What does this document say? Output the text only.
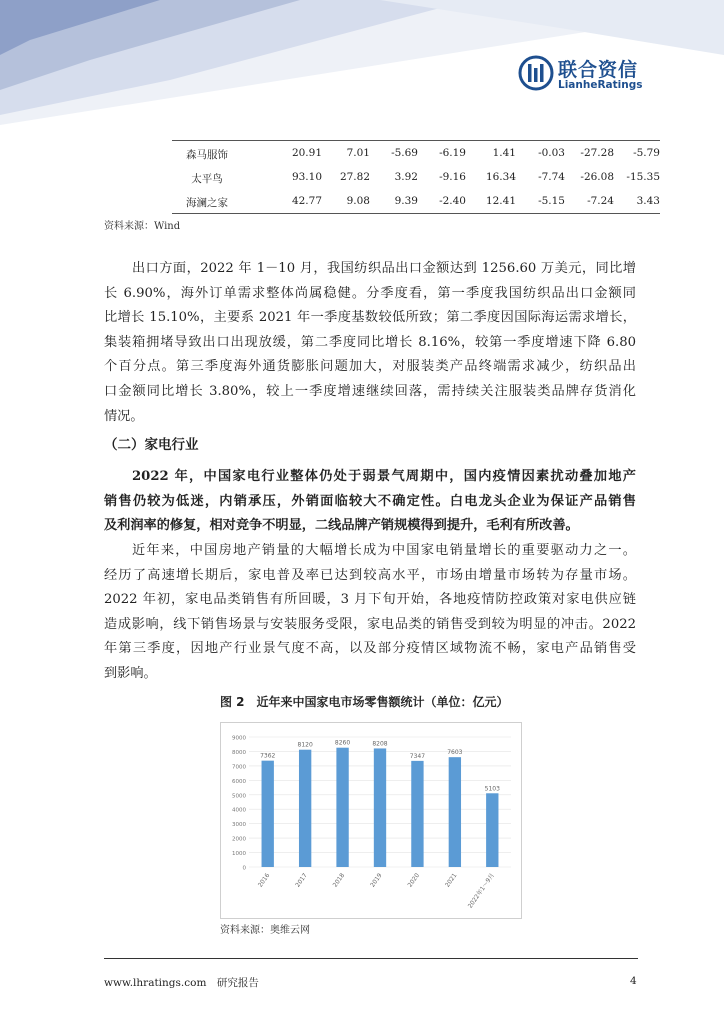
联合资信
LianheRatings
森马服饰	20.91 7.01 -5.69 -6.19	1.41 -0.03 -27.28 -5.79
太平鸟	93.10 27.82 3.92 -9.16 16.34 -7.74 -26.08 -15.35
海澜之家	42.77 9.08 9.39 -2.40 12.41 -5.15 -7.24 3.43
资料来源：Wind
出口方面，2022 年 1－10 月，我国纺织品出口金额达到 1256.60 万美元，同比增
长 6.90%，海外订单需求整体尚属稳健。分季度看，第一季度我国纺织品出口金额同
比增长 15.10%，主要系 2021 年一季度基数较低所致；第二季度因国际海运需求增长，
集装箱拥堵导致出口出现放缓，第二季度同比增长 8.16%，较第一季度增速下降 6.80
个百分点。第三季度海外通货膨胀问题加大，对服装类产品终端需求减少，纺织品出
口金额同比增长 3.80%，较上一季度增速继续回落，需持续关注服装类品牌存货消化
情况。
（二）家电行业
2022 年，中国家电行业整体仍处于弱景气周期中，国内疫情因素扰动叠加地产
销售仍较为低迷，内销承压，外销面临较大不确定性。白电龙头企业为保证产品销售
及利润率的修复，相对竞争不明显，二线品牌产销规模得到提升，毛利有所改善。
近年来，中国房地产销量的大幅增长成为中国家电销量增长的重要驱动力之一。
经历了高速增长期后，家电普及率已达到较高水平，市场由增量市场转为存量市场。
2022 年初，家电品类销售有所回暖，3 月下旬开始，各地疫情防控政策对家电供应链
造成影响，线下销售场景与安装服务受限，家电品类的销售受到较为明显的冲击。2022
年第三季度，因地产行业景气度不高，以及部分疫情区域物流不畅，家电产品销售受
到影响。
图 2　近年来中国家电市场零售额统计（单位：亿元）
0
1000
2000
3000
4000
5000
6000
7000
8000
9000
7362
2016
8120
2017
8260
2018
8208
2019
7347
2020
7603
2021
5103
2022年1～9月
资料来源：奥维云网
www.lhratings.com　研究报告	4
